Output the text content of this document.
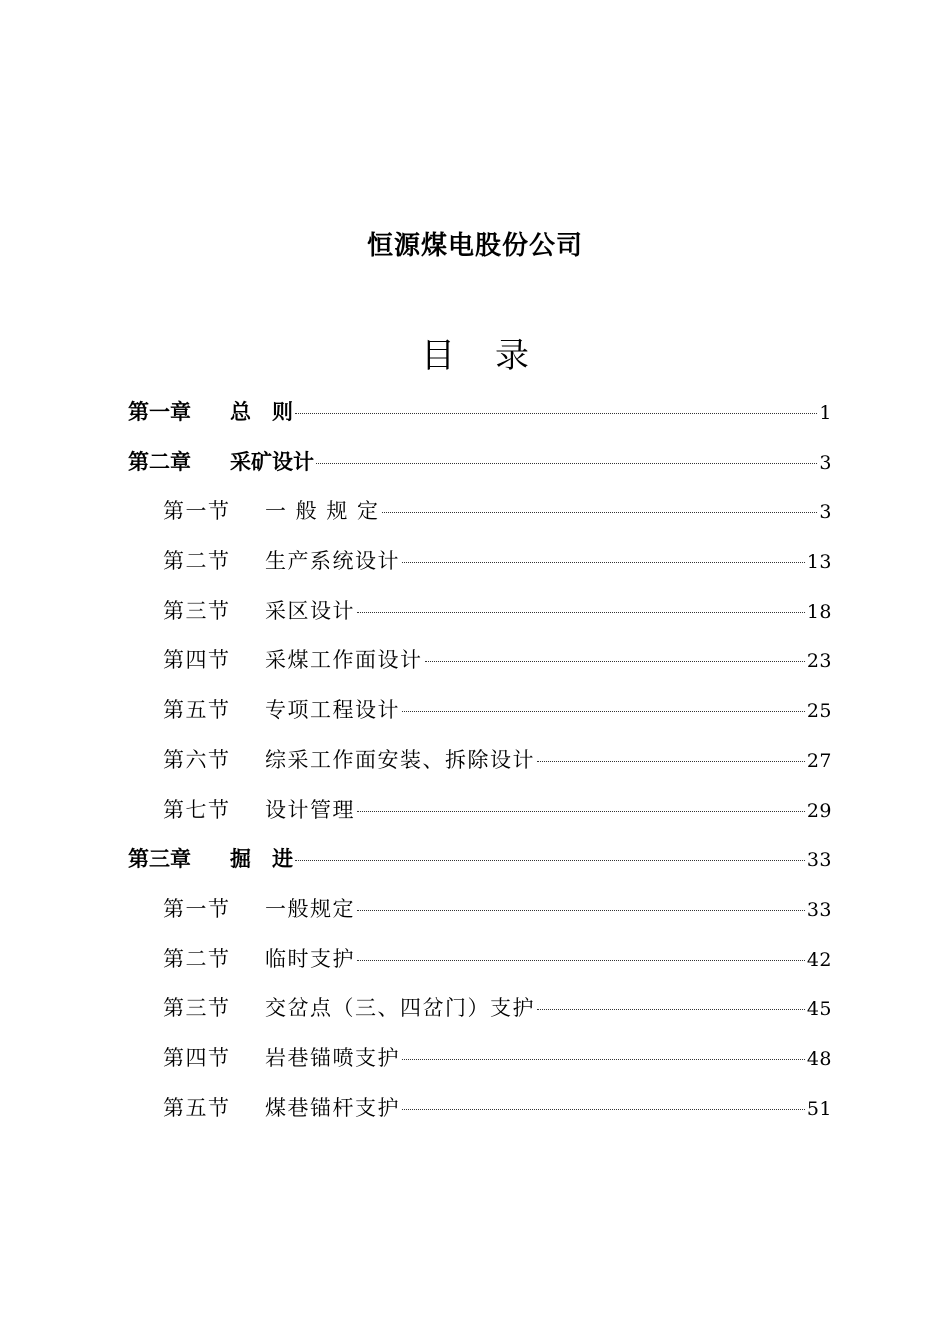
恒源煤电股份公司
目 录
第一章	总　则	1
第二章	采矿设计	3
第一节	一 般 规 定	3
第二节	生产系统设计	13
第三节	采区设计	18
第四节	采煤工作面设计	23
第五节	专项工程设计	25
第六节	综采工作面安装、拆除设计	27
第七节	设计管理	29
第三章	掘　进	33
第一节	一般规定	33
第二节	临时支护	42
第三节	交岔点（三、四岔门）支护	45
第四节	岩巷锚喷支护	48
第五节	煤巷锚杆支护	51
